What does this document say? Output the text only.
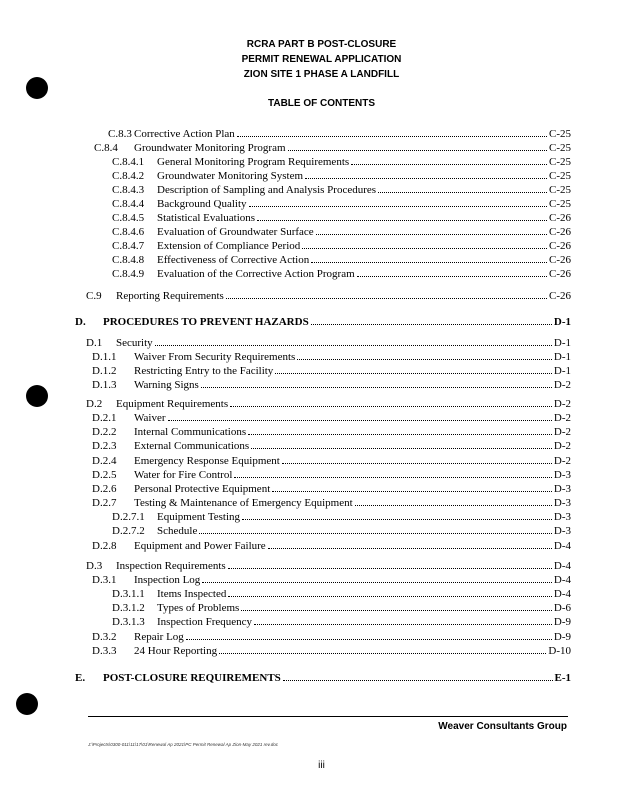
RCRA PART B POST-CLOSURE
PERMIT RENEWAL APPLICATION
ZION SITE 1 PHASE A LANDFILL
TABLE OF CONTENTS
C.8.3 Corrective Action Plan	C-25
C.8.4	Groundwater Monitoring Program	C-25
C.8.4.1	General Monitoring Program Requirements	C-25
C.8.4.2	Groundwater Monitoring System	C-25
C.8.4.3	Description of Sampling and Analysis Procedures	C-25
C.8.4.4	Background Quality	C-25
C.8.4.5	Statistical Evaluations	C-26
C.8.4.6	Evaluation of Groundwater Surface	C-26
C.8.4.7	Extension of Compliance Period	C-26
C.8.4.8	Effectiveness of Corrective Action	C-26
C.8.4.9	Evaluation of the Corrective Action Program	C-26
C.9	Reporting Requirements	C-26
D.	PROCEDURES TO PREVENT HAZARDS	D-1
D.1	Security	D-1
D.1.1	Waiver From Security Requirements	D-1
D.1.2	Restricting Entry to the Facility	D-1
D.1.3	Warning Signs	D-2
D.2	Equipment Requirements	D-2
D.2.1	Waiver	D-2
D.2.2	Internal Communications	D-2
D.2.3	External Communications	D-2
D.2.4	Emergency Response Equipment	D-2
D.2.5	Water for Fire Control	D-3
D.2.6	Personal Protective Equipment	D-3
D.2.7	Testing & Maintenance of Emergency Equipment	D-3
D.2.7.1	Equipment Testing	D-3
D.2.7.2	Schedule	D-3
D.2.8	Equipment and Power Failure	D-4
D.3	Inspection Requirements	D-4
D.3.1	Inspection Log	D-4
D.3.1.1	Items Inspected	D-4
D.3.1.2	Types of Problems	D-6
D.3.1.3	Inspection Frequency	D-9
D.3.2	Repair Log	D-9
D.3.3	24 Hour Reporting	D-10
E.	POST-CLOSURE REQUIREMENTS	E-1
Weaver Consultants Group
J:\Projects\0300-011\11\17\01\Renewal Ap 2021\PC Permit Renewal Ap Zion-May 2021 rev.doc
iii
